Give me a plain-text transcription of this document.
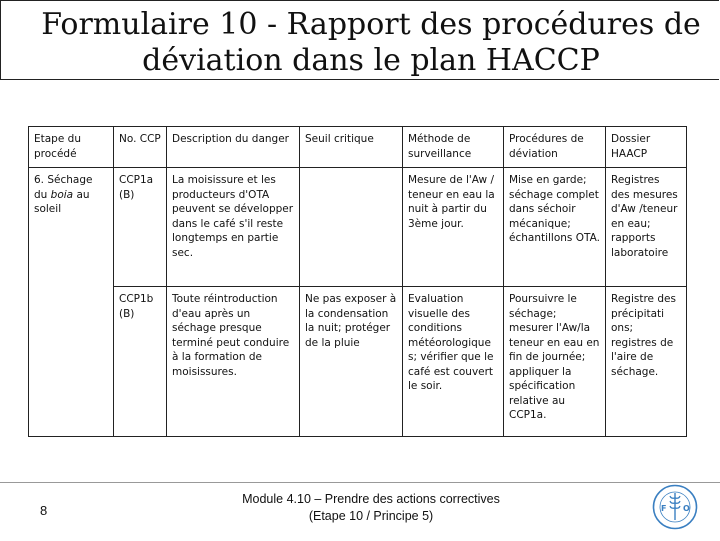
Formulaire 10 - Rapport des procédures de
déviation dans le plan HACCP
Etape du procédé	No. CCP	Description du danger	Seuil critique	Méthode de surveillance	Procédures de déviation	Dossier HAACP
6. Séchage du boia au soleil	CCP1a (B)	La moisissure et les producteurs d'OTA peuvent se développer dans le café s'il reste longtemps en partie sec.		Mesure de l'Aw / teneur en eau la nuit à partir du 3ème jour.	Mise en garde; séchage complet dans séchoir mécanique; échantillons OTA.	Registres des mesures d'Aw /teneur en eau; rapports laboratoire
	CCP1b (B)	Toute réintroduction d'eau après un séchage presque terminé peut conduire à la formation de moisissures.	Ne pas exposer à la condensation la nuit; protéger de la pluie	Evaluation visuelle des conditions météorologique s; vérifier que le café est couvert le soir.	Poursuivre le séchage; mesurer l'Aw/la teneur en eau en fin de journée; appliquer la spécification relative au CCP1a.	Registre des précipitati ons; registres de l'aire de séchage.
8
Module 4.10 – Prendre des actions correctives
(Etape 10 / Principe 5)
F O
